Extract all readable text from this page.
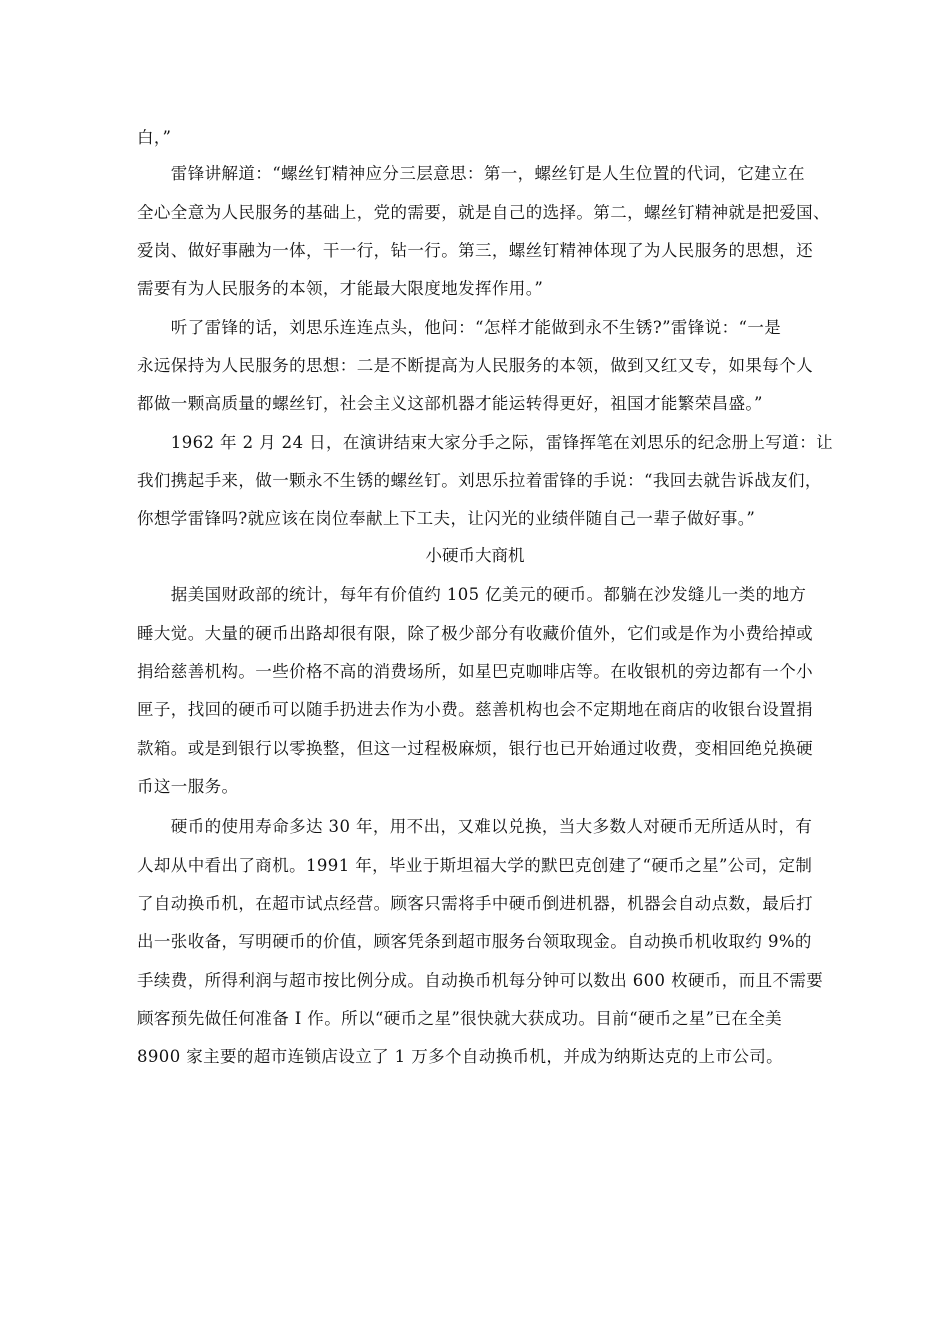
白，”
　　雷锋讲解道：“螺丝钉精神应分三层意思：第一，螺丝钉是人生位置的代词，它建立在
全心全意为人民服务的基础上，党的需要，就是自己的选择。第二，螺丝钉精神就是把爱国、
爱岗、做好事融为一体，干一行，钻一行。第三，螺丝钉精神体现了为人民服务的思想，还
需要有为人民服务的本领，才能最大限度地发挥作用。”
　　听了雷锋的话，刘思乐连连点头，他问：“怎样才能做到永不生锈?”雷锋说：“一是
永远保持为人民服务的思想：二是不断提高为人民服务的本领，做到又红又专，如果每个人
都做一颗高质量的螺丝钉，社会主义这部机器才能运转得更好，祖国才能繁荣昌盛。”
　　1962 年 2 月 24 日，在演讲结束大家分手之际，雷锋挥笔在刘思乐的纪念册上写道：让
我们携起手来，做一颗永不生锈的螺丝钉。刘思乐拉着雷锋的手说：“我回去就告诉战友们，
你想学雷锋吗?就应该在岗位奉献上下工夫，让闪光的业绩伴随自己一辈子做好事。”
小硬币大商机
　　据美国财政部的统计，每年有价值约 105 亿美元的硬币。都躺在沙发缝儿一类的地方
睡大觉。大量的硬币出路却很有限，除了极少部分有收藏价值外，它们或是作为小费给掉或
捐给慈善机构。一些价格不高的消费场所，如星巴克咖啡店等。在收银机的旁边都有一个小
匣子，找回的硬币可以随手扔进去作为小费。慈善机构也会不定期地在商店的收银台设置捐
款箱。或是到银行以零换整，但这一过程极麻烦，银行也已开始通过收费，变相回绝兑换硬
币这一服务。
　　硬币的使用寿命多达 30 年，用不出，又难以兑换，当大多数人对硬币无所适从时，有
人却从中看出了商机。1991 年，毕业于斯坦福大学的默巴克创建了“硬币之星”公司，定制
了自动换币机，在超市试点经营。顾客只需将手中硬币倒进机器，机器会自动点数，最后打
出一张收备，写明硬币的价值，顾客凭条到超市服务台领取现金。自动换币机收取约 9%的
手续费，所得利润与超市按比例分成。自动换币机每分钟可以数出 600 枚硬币，而且不需要
顾客预先做任何准备 I 作。所以“硬币之星”很快就大获成功。目前“硬币之星”已在全美
8900 家主要的超市连锁店设立了 1 万多个自动换币机，并成为纳斯达克的上市公司。
